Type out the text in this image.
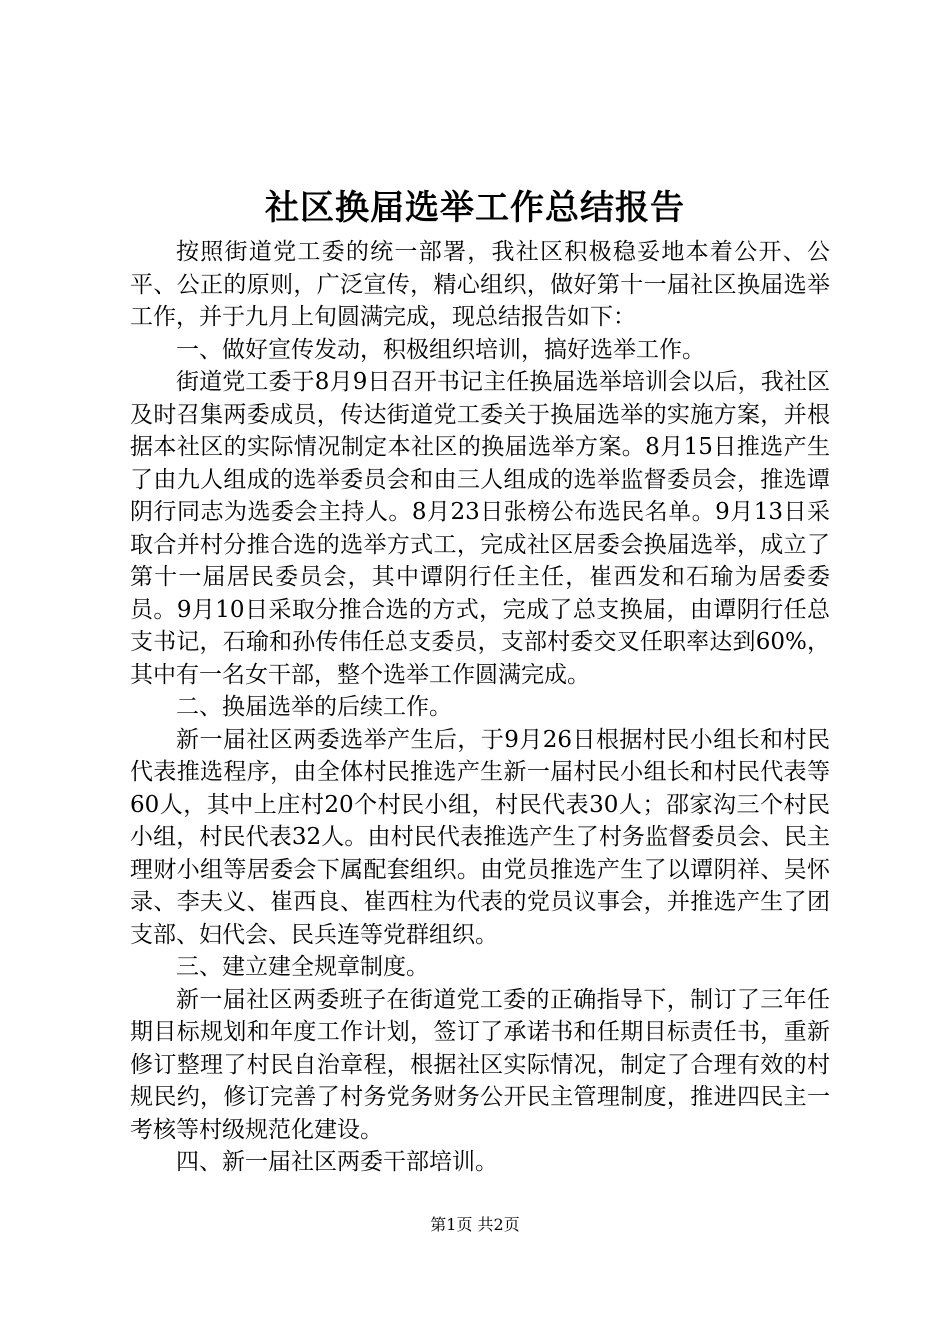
社区换届选举工作总结报告

按照街道党工委的统一部署，我社区积极稳妥地本着公开、公平、公正的原则，广泛宣传，精心组织，做好第十一届社区换届选举工作，并于九月上旬圆满完成，现总结报告如下：

一、做好宣传发动，积极组织培训，搞好选举工作。

街道党工委于8月9日召开书记主任换届选举培训会以后，我社区及时召集两委成员，传达街道党工委关于换届选举的实施方案，并根据本社区的实际情况制定本社区的换届选举方案。8月15日推选产生了由九人组成的选举委员会和由三人组成的选举监督委员会，推选谭阴行同志为选委会主持人。8月23日张榜公布选民名单。9月13日采取合并村分推合选的选举方式工，完成社区居委会换届选举，成立了第十一届居民委员会，其中谭阴行任主任，崔西发和石瑜为居委委员。9月10日采取分推合选的方式，完成了总支换届，由谭阴行任总支书记，石瑜和孙传伟任总支委员，支部村委交叉任职率达到60%，其中有一名女干部，整个选举工作圆满完成。

二、换届选举的后续工作。

新一届社区两委选举产生后，于9月26日根据村民小组长和村民代表推选程序，由全体村民推选产生新一届村民小组长和村民代表等60人，其中上庄村20个村民小组，村民代表30人；邵家沟三个村民小组，村民代表32人。由村民代表推选产生了村务监督委员会、民主理财小组等居委会下属配套组织。由党员推选产生了以谭阴祥、吴怀录、李夫义、崔西良、崔西柱为代表的党员议事会，并推选产生了团支部、妇代会、民兵连等党群组织。

三、建立建全规章制度。

新一届社区两委班子在街道党工委的正确指导下，制订了三年任期目标规划和年度工作计划，签订了承诺书和任期目标责任书，重新修订整理了村民自治章程，根据社区实际情况，制定了合理有效的村规民约，修订完善了村务党务财务公开民主管理制度，推进四民主一考核等村级规范化建设。

四、新一届社区两委干部培训。

第1页 共2页
